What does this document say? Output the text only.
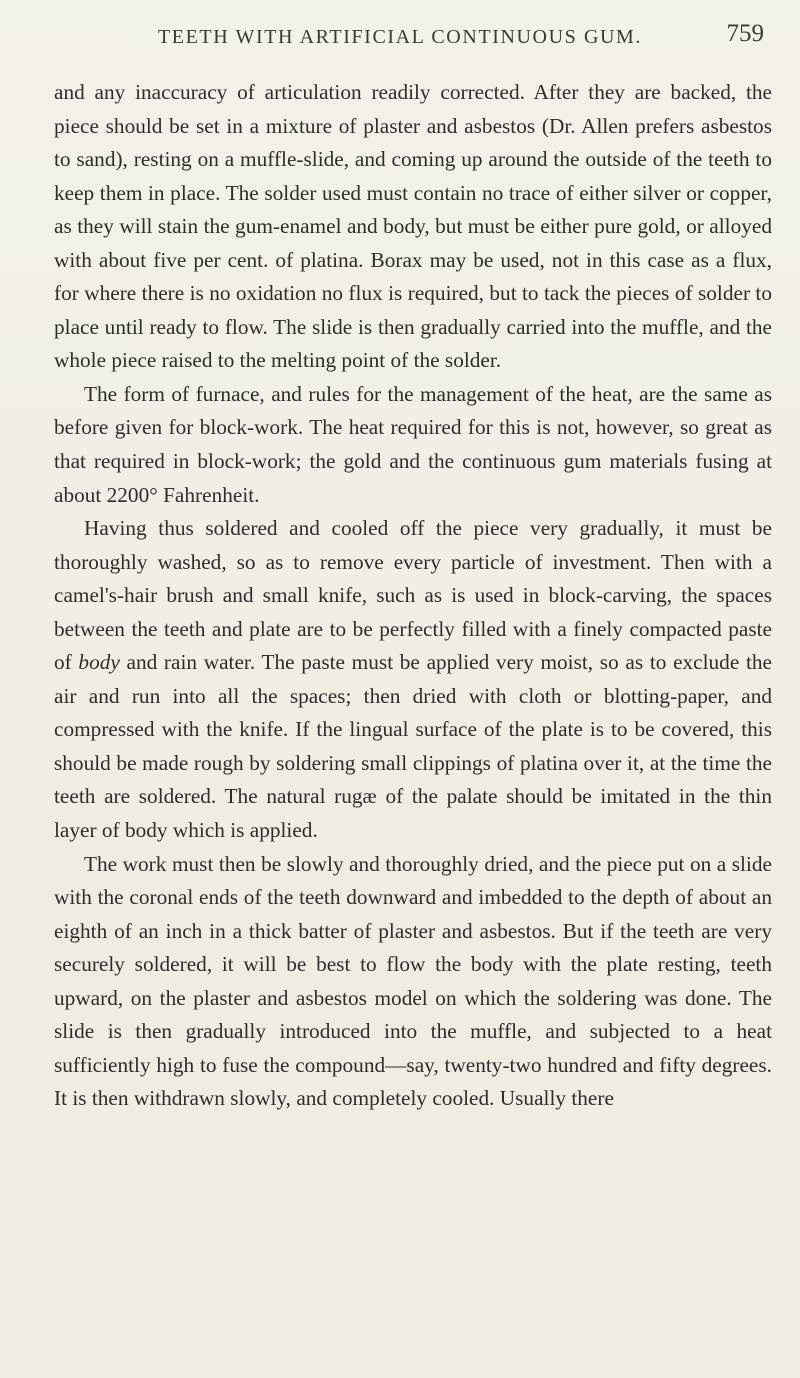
TEETH WITH ARTIFICIAL CONTINUOUS GUM.	759

and any inaccuracy of articulation readily corrected. After they are backed, the piece should be set in a mixture of plaster and asbestos (Dr. Allen prefers asbestos to sand), resting on a muffle-slide, and coming up around the outside of the teeth to keep them in place. The solder used must contain no trace of either silver or copper, as they will stain the gum-enamel and body, but must be either pure gold, or alloyed with about five per cent. of platina. Borax may be used, not in this case as a flux, for where there is no oxidation no flux is required, but to tack the pieces of solder to place until ready to flow. The slide is then gradually carried into the muffle, and the whole piece raised to the melting point of the solder.

The form of furnace, and rules for the management of the heat, are the same as before given for block-work. The heat required for this is not, however, so great as that required in block-work; the gold and the continuous gum materials fusing at about 2200° Fahrenheit.

Having thus soldered and cooled off the piece very gradually, it must be thoroughly washed, so as to remove every particle of investment. Then with a camel's-hair brush and small knife, such as is used in block-carving, the spaces between the teeth and plate are to be perfectly filled with a finely compacted paste of body and rain water. The paste must be applied very moist, so as to exclude the air and run into all the spaces; then dried with cloth or blotting-paper, and compressed with the knife. If the lingual surface of the plate is to be covered, this should be made rough by soldering small clippings of platina over it, at the time the teeth are soldered. The natural rugæ of the palate should be imitated in the thin layer of body which is applied.

The work must then be slowly and thoroughly dried, and the piece put on a slide with the coronal ends of the teeth downward and imbedded to the depth of about an eighth of an inch in a thick batter of plaster and asbestos. But if the teeth are very securely soldered, it will be best to flow the body with the plate resting, teeth upward, on the plaster and asbestos model on which the soldering was done. The slide is then gradually introduced into the muffle, and subjected to a heat sufficiently high to fuse the compound—say, twenty-two hundred and fifty degrees. It is then withdrawn slowly, and completely cooled. Usually there
